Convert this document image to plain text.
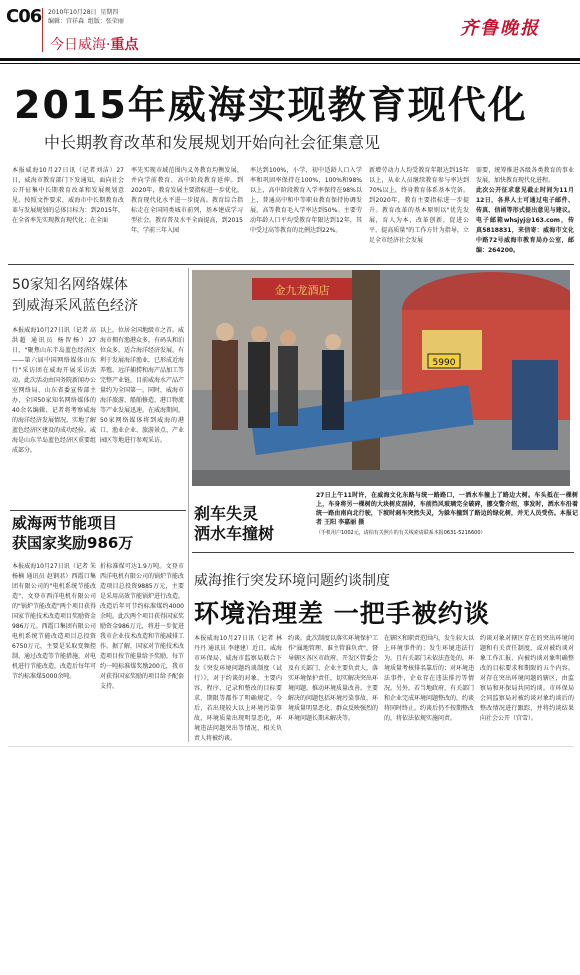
C06 2010年10月28日  星期四
编辑：宫祥森  组版：张荣丽
今日威海·重点
齐鲁晚报
2015年威海实现教育现代化
中长期教育改革和发展规划开始向社会征集意见
本报威海10月27日讯（记者刘洁）27日，威海市教育部门下发通知，面向社会公开征集中长期教育改革和发展规划意见。按照文件要求，威海市中长期教育改革与发展规划的总体目标为：到2015年，在全省率先实现教育现代化；在全面
率先实现市域范围内义务教育均衡发展，并向学前教育、高中阶段教育延伸。到2020年，教育发展主要指标进一步优化，教育现代化水平进一步提高。教育综合指标走在全国同类城市前列，基本建成学习型社会。教育普及水平全面提高，到2015年，学前三年入园
率达到100%，小学、初中适龄人口入学率和巩固率保持在100%，100%和98%以上，高中阶段教育入学率保持在98%以上，普通高中和中等职业教育保持协调发展，高等教育毛入学率达到50%。主要劳动年龄人口平均受教育年限达到12年，其中受过高等教育的比例达到22%。
新增劳动力人均受教育年限达到15年以上，从业人员继续教育参与率达到70%以上，终身教育体系基本完备。到2020年，教育主要指标进一步提升。教育改革的基本原则以"优先发展，育人为本，改革创新，促进公平，提高质量"的工作方针为指导，立足全市经济社会发展
需要，统筹推进各级各类教育的事业发展，加快教育现代化进程。
此次公开征求意见截止时间为11月12日，各界人士可通过电子邮件、传真、信函等形式提出意见与建议。电子邮箱whsjyj@163.com，传真5818831，来信寄：威海市文化中路72号威海市教育局办公室，邮编：264200。
50家知名网络媒体
到威海采风蓝色经济
本报威海10月27日讯（记者 高洪超 通讯员 杨智杨）27日，"聚焦山东半岛蓝色经济区——第六届中国网络媒体山东行"采访团在威海开展采访活动。此次活动由国务院新闻办公室网络局、山东省委宣传部主办，全国50家知名网络媒体的40余名编辑、记者将考察威海的海洋经济发展情况，实地了解蓝色经济区建设的成功经验。威海是山东半岛蓝色经济区重要组成部分。
以上，位居全国地级市之首。威海市拥有渔港众多，有码头和泊位众多，适合海洋经济发展，有利于发展海洋渔业，已形成近海养殖、远洋捕捞和海产品加工等完整产业链，目前威海水产品产量约为全国第一。同时，威海市海洋旅游、船舶修造、港口物流等产业发展迅速。在威海期间，50家网络媒体将到威海的港口、渔业企业、旅游景点、产业园区等地进行参观采访。
威海两节能项目
获国家奖励986万
本报威海10月27日讯（记者 朱杨楠 通讯员 赵钢君）西霞口集团有限公司的"电机系统节能改造"、文登市西洋电机有限公司的"锅炉节能改造"两个项目获得国家节能技术改造项目奖励资金986万元。西霞口集团有限公司电机系统节能改造项目总投资6750万元，主要是采取变频控制、通过改造等节能措施，对电机进行节能改造，改造后每年可节约标准煤5000余吨。
折标准煤可达1.9万吨。文登市西洋电机有限公司的锅炉节能改造项目总投资9885万元，主要是采用高效节能锅炉进行改造，改造后年可节约标准煤约4000余吨。此次两个项目获得国家奖励资金986万元，将进一步促进我市企业技术改造和节能减排工作。据了解，国家对节能技术改造项目按节能量给予奖励，每节约一吨标准煤奖励200元，我市对获得国家奖励的项目给予配套支持。
金九龙酒店
5990
刹车失灵
洒水车撞树
27日上午11时许，在威海文化东路与统一路路口，一洒水车撞上了路边大树。车头抵在一棵树上，车身将另一棵树的大块树皮刮掉，车前挡风玻璃完全破碎，挪交警介绍，事发时，洒水车沿着统一路由南向北行驶，下坡时刹车突然失灵，为躲车撞到了路边的绿化树，并无人员受伤。本报记者 王阳 李嘉丽 摄
（手机用户1002元，请拍有关照片的有关线索请联系本报0631-5216600）
威海推行突发环境问题约谈制度
环境治理差 一把手被约谈
本报威海10月27日讯（记者 林丹丹 通讯员 李建建）近日，威海市环保局、威海市监察局联合下发《突发环境问题约谈制度（试行）》，对于约谈的对象、主要内容、程序、记录和整改的目标要求、期限等都作了明确规定。今后，若出现较大以上环境污染事故，环境质量出现明显恶化，环境违法问题突出等情况，相关负责人将被约谈。
约谈。此次制度以落实环境保护工作"属地管理、谁主管谁负责"，督导辖区各区市政府、开发区管委会及有关部门、企业主要负责人，落实环境保护责任，切实解决突出环境问题，推动环境质量改善。主要解决的问题包括环境污染事故、环境质量明显恶化、群众反映强烈的环境问题长期未解决等。
在辖区和职责范围内，发生较大以上环境事件的；发生环境违法行为，且有关部门未依法查处的，环境质量考核排名靠后的；对环境违法事件，企业存在违法排污等情况。另外，若当地政府、有关部门和企业完成环境问题整改的，约谈将同时终止。约谈后仍不按期整改的，将依法依规实施问责。
约谈对象对辖区存在的突出环境问题和有关责任制度，或对被约谈对象工作汇报、向被约谈对象明确整改的目标要求和期限的五个内容。对存在突出环境问题的辖区，由监察局和环保局共同约谈。市环保局会同监察局对被约谈对象约谈后的整改情况进行跟踪，并将约谈结果向社会公开（宫雪）。
